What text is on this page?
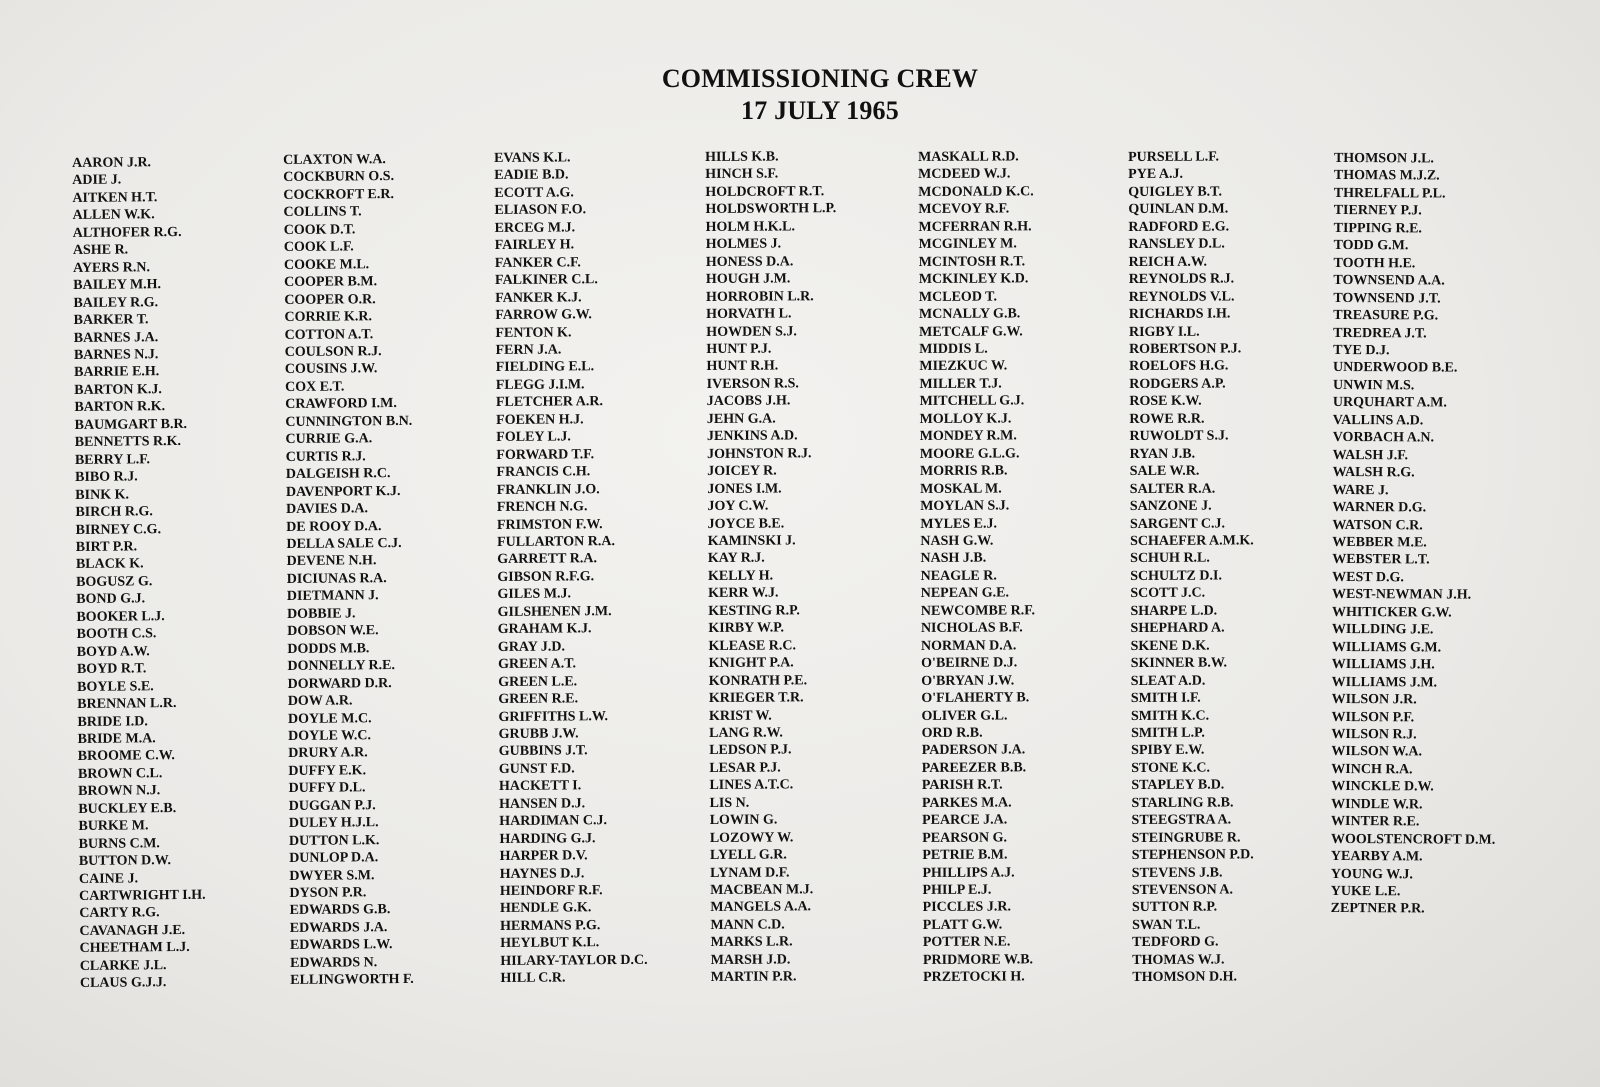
COMMISSIONING CREW
17 JULY 1965
AARON J.R.
ADIE J.
AITKEN H.T.
ALLEN W.K.
ALTHOFER R.G.
ASHE R.
AYERS R.N.
BAILEY M.H.
BAILEY R.G.
BARKER T.
BARNES J.A.
BARNES N.J.
BARRIE E.H.
BARTON K.J.
BARTON R.K.
BAUMGART B.R.
BENNETTS R.K.
BERRY L.F.
BIBO R.J.
BINK K.
BIRCH R.G.
BIRNEY C.G.
BIRT P.R.
BLACK K.
BOGUSZ G.
BOND G.J.
BOOKER L.J.
BOOTH C.S.
BOYD A.W.
BOYD R.T.
BOYLE S.E.
BRENNAN L.R.
BRIDE I.D.
BRIDE M.A.
BROOME C.W.
BROWN C.L.
BROWN N.J.
BUCKLEY E.B.
BURKE M.
BURNS C.M.
BUTTON D.W.
CAINE J.
CARTWRIGHT I.H.
CARTY R.G.
CAVANAGH J.E.
CHEETHAM L.J.
CLARKE J.L.
CLAUS G.J.J.
CLAXTON W.A.
COCKBURN O.S.
COCKROFT E.R.
COLLINS T.
COOK D.T.
COOK L.F.
COOKE M.L.
COOPER B.M.
COOPER O.R.
CORRIE K.R.
COTTON A.T.
COULSON R.J.
COUSINS J.W.
COX E.T.
CRAWFORD I.M.
CUNNINGTON B.N.
CURRIE G.A.
CURTIS R.J.
DALGEISH R.C.
DAVENPORT K.J.
DAVIES D.A.
DE ROOY D.A.
DELLA SALE C.J.
DEVENE N.H.
DICIUNAS R.A.
DIETMANN J.
DOBBIE J.
DOBSON W.E.
DODDS M.B.
DONNELLY R.E.
DORWARD D.R.
DOW A.R.
DOYLE M.C.
DOYLE W.C.
DRURY A.R.
DUFFY E.K.
DUFFY D.L.
DUGGAN P.J.
DULEY H.J.L.
DUTTON L.K.
DUNLOP D.A.
DWYER S.M.
DYSON P.R.
EDWARDS G.B.
EDWARDS J.A.
EDWARDS L.W.
EDWARDS N.
ELLINGWORTH F.
EVANS K.L.
EADIE B.D.
ECOTT A.G.
ELIASON F.O.
ERCEG M.J.
FAIRLEY H.
FANKER C.F.
FALKINER C.L.
FANKER K.J.
FARROW G.W.
FENTON K.
FERN J.A.
FIELDING E.L.
FLEGG J.I.M.
FLETCHER A.R.
FOEKEN H.J.
FOLEY L.J.
FORWARD T.F.
FRANCIS C.H.
FRANKLIN J.O.
FRENCH N.G.
FRIMSTON F.W.
FULLARTON R.A.
GARRETT R.A.
GIBSON R.F.G.
GILES M.J.
GILSHENEN J.M.
GRAHAM K.J.
GRAY J.D.
GREEN A.T.
GREEN L.E.
GREEN R.E.
GRIFFITHS L.W.
GRUBB J.W.
GUBBINS J.T.
GUNST F.D.
HACKETT I.
HANSEN D.J.
HARDIMAN C.J.
HARDING G.J.
HARPER D.V.
HAYNES D.J.
HEINDORF R.F.
HENDLE G.K.
HERMANS P.G.
HEYLBUT K.L.
HILARY-TAYLOR D.C.
HILL C.R.
HILLS K.B.
HINCH S.F.
HOLDCROFT R.T.
HOLDSWORTH L.P.
HOLM H.K.L.
HOLMES J.
HONESS D.A.
HOUGH J.M.
HORROBIN L.R.
HORVATH L.
HOWDEN S.J.
HUNT P.J.
HUNT R.H.
IVERSON R.S.
JACOBS J.H.
JEHN G.A.
JENKINS A.D.
JOHNSTON R.J.
JOICEY R.
JONES I.M.
JOY C.W.
JOYCE B.E.
KAMINSKI J.
KAY R.J.
KELLY H.
KERR W.J.
KESTING R.P.
KIRBY W.P.
KLEASE R.C.
KNIGHT P.A.
KONRATH P.E.
KRIEGER T.R.
KRIST W.
LANG R.W.
LEDSON P.J.
LESAR P.J.
LINES A.T.C.
LIS N.
LOWIN G.
LOZOWY W.
LYELL G.R.
LYNAM D.F.
MACBEAN M.J.
MANGELS A.A.
MANN C.D.
MARKS L.R.
MARSH J.D.
MARTIN P.R.
MASKALL R.D.
MCDEED W.J.
MCDONALD K.C.
MCEVOY R.F.
MCFERRAN R.H.
MCGINLEY M.
MCINTOSH R.T.
MCKINLEY K.D.
MCLEOD T.
MCNALLY G.B.
METCALF G.W.
MIDDIS L.
MIEZKUC W.
MILLER T.J.
MITCHELL G.J.
MOLLOY K.J.
MONDEY R.M.
MOORE G.L.G.
MORRIS R.B.
MOSKAL M.
MOYLAN S.J.
MYLES E.J.
NASH G.W.
NASH J.B.
NEAGLE R.
NEPEAN G.E.
NEWCOMBE R.F.
NICHOLAS B.F.
NORMAN D.A.
O'BEIRNE D.J.
O'BRYAN J.W.
O'FLAHERTY B.
OLIVER G.L.
ORD R.B.
PADERSON J.A.
PAREEZER B.B.
PARISH R.T.
PARKES M.A.
PEARCE J.A.
PEARSON G.
PETRIE B.M.
PHILLIPS A.J.
PHILP E.J.
PICCLES J.R.
PLATT G.W.
POTTER N.E.
PRIDMORE W.B.
PRZETOCKI H.
PURSELL L.F.
PYE A.J.
QUIGLEY B.T.
QUINLAN D.M.
RADFORD E.G.
RANSLEY D.L.
REICH A.W.
REYNOLDS R.J.
REYNOLDS V.L.
RICHARDS I.H.
RIGBY I.L.
ROBERTSON P.J.
ROELOFS H.G.
RODGERS A.P.
ROSE K.W.
ROWE R.R.
RUWOLDT S.J.
RYAN J.B.
SALE W.R.
SALTER R.A.
SANZONE J.
SARGENT C.J.
SCHAEFER A.M.K.
SCHUH R.L.
SCHULTZ D.I.
SCOTT J.C.
SHARPE L.D.
SHEPHARD A.
SKENE D.K.
SKINNER B.W.
SLEAT A.D.
SMITH I.F.
SMITH K.C.
SMITH L.P.
SPIBY E.W.
STONE K.C.
STAPLEY B.D.
STARLING R.B.
STEEGSTRA A.
STEINGRUBE R.
STEPHENSON P.D.
STEVENS J.B.
STEVENSON A.
SUTTON R.P.
SWAN T.L.
TEDFORD G.
THOMAS W.J.
THOMSON D.H.
THOMSON J.L.
THOMAS M.J.Z.
THRELFALL P.L.
TIERNEY P.J.
TIPPING R.E.
TODD G.M.
TOOTH H.E.
TOWNSEND A.A.
TOWNSEND J.T.
TREASURE P.G.
TREDREA J.T.
TYE D.J.
UNDERWOOD B.E.
UNWIN M.S.
URQUHART A.M.
VALLINS A.D.
VORBACH A.N.
WALSH J.F.
WALSH R.G.
WARE J.
WARNER D.G.
WATSON C.R.
WEBBER M.E.
WEBSTER L.T.
WEST D.G.
WEST-NEWMAN J.H.
WHITICKER G.W.
WILLDING J.E.
WILLIAMS G.M.
WILLIAMS J.H.
WILLIAMS J.M.
WILSON J.R.
WILSON P.F.
WILSON R.J.
WILSON W.A.
WINCH R.A.
WINCKLE D.W.
WINDLE W.R.
WINTER R.E.
WOOLSTENCROFT D.M.
YEARBY A.M.
YOUNG W.J.
YUKE L.E.
ZEPTNER P.R.
